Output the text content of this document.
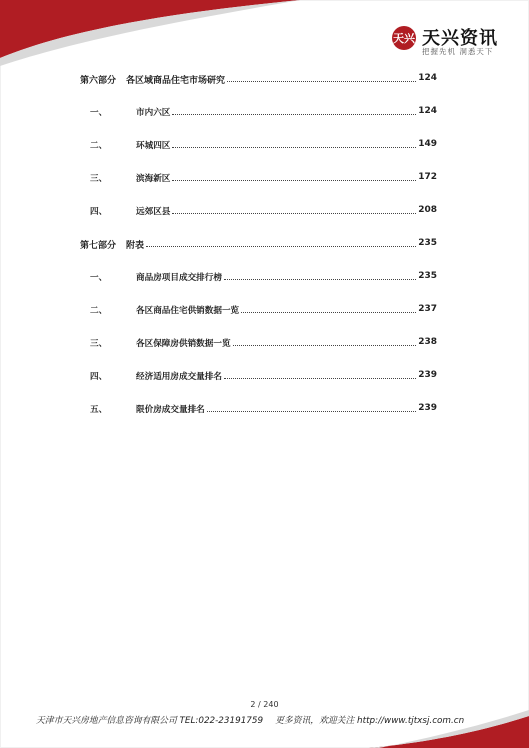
天兴 天兴资讯
把握先机 洞悉天下
第六部分	各区域商品住宅市场研究	124
一、	市内六区	124
二、	环城四区	149
三、	滨海新区	172
四、	远郊区县	208
第七部分	附表	235
一、	商品房项目成交排行榜	235
二、	各区商品住宅供销数据一览	237
三、	各区保障房供销数据一览	238
四、	经济适用房成交量排名	239
五、	限价房成交量排名	239
2 / 240
天津市天兴房地产信息咨询有限公司 TEL:022-23191759 更多资讯，欢迎关注 http://www.tjtxsj.com.cn
